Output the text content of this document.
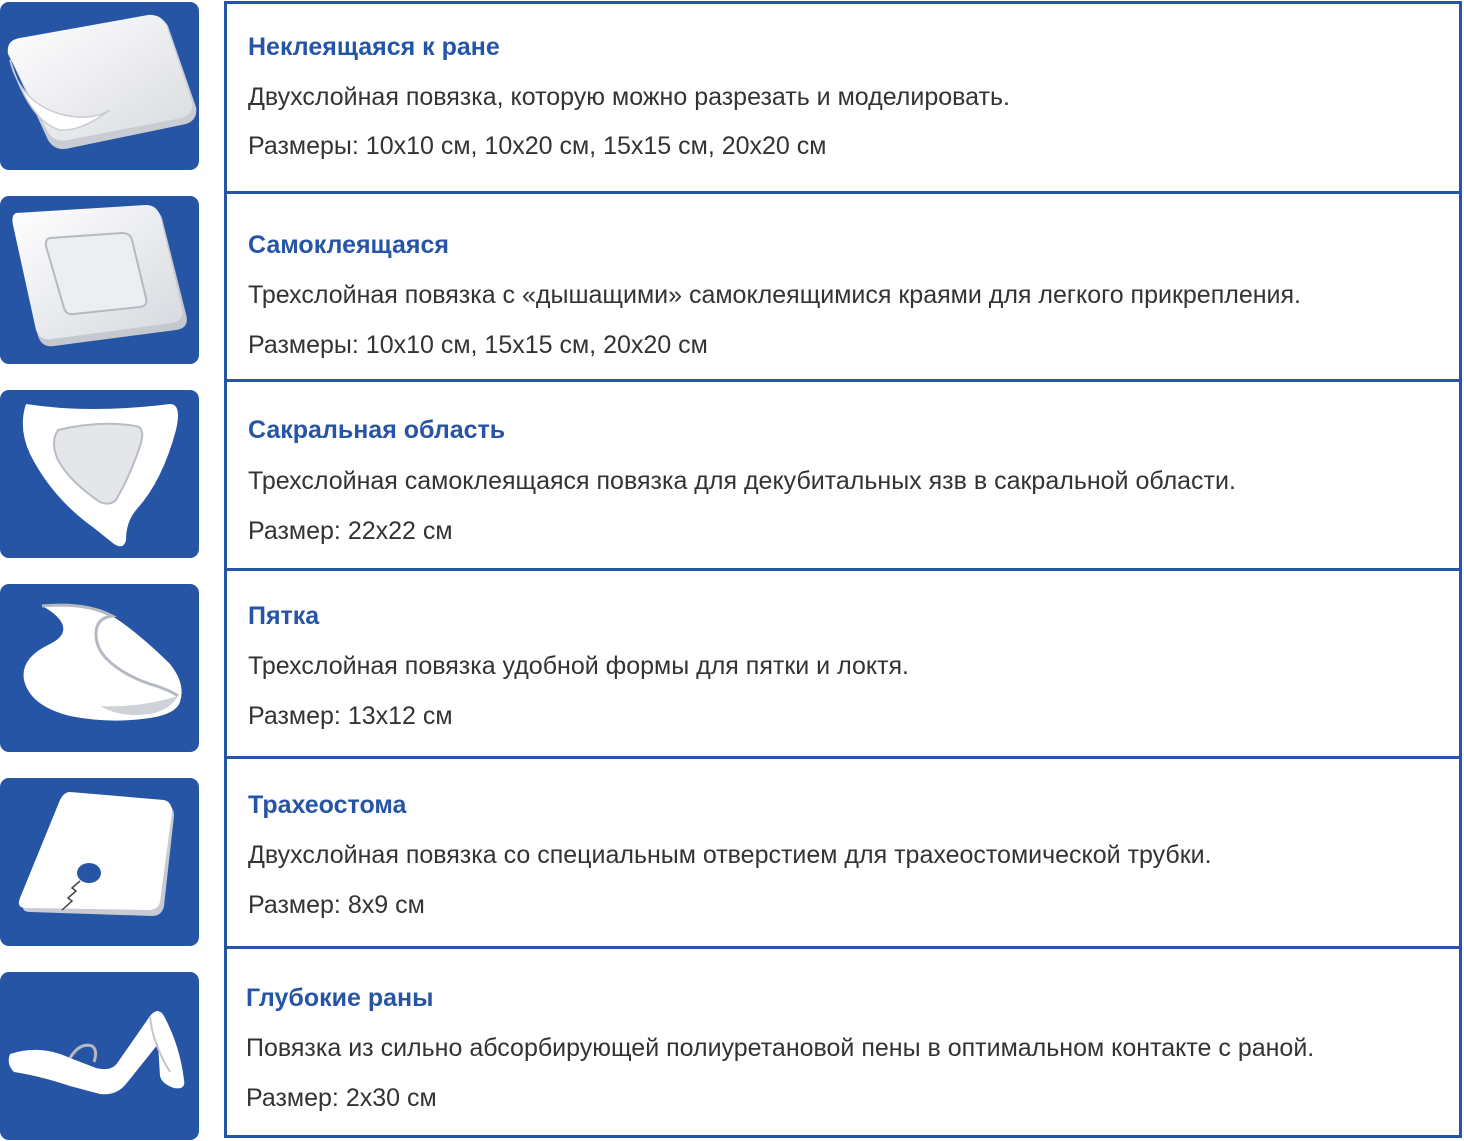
Неклеящаяся к ране
Двухслойная повязка, которую можно разрезать и моделировать.
Размеры: 10х10 см, 10х20 см, 15х15 см, 20х20 см
Самоклеящаяся
Трехслойная повязка с «дышащими» самоклеящимися краями для легкого прикрепления.
Размеры: 10х10 см, 15х15 см, 20х20 см
Сакральная область
Трехслойная самоклеящаяся повязка для декубитальных язв в сакральной области.
Размер: 22х22 см
Пятка
Трехслойная повязка удобной формы для пятки и локтя.
Размер: 13х12 см
Трахеостома
Двухслойная повязка со специальным отверстием для трахеостомической трубки.
Размер: 8х9 см
Глубокие раны
Повязка из сильно абсорбирующей полиуретановой пены в оптимальном контакте с раной.
Размер: 2х30 см
